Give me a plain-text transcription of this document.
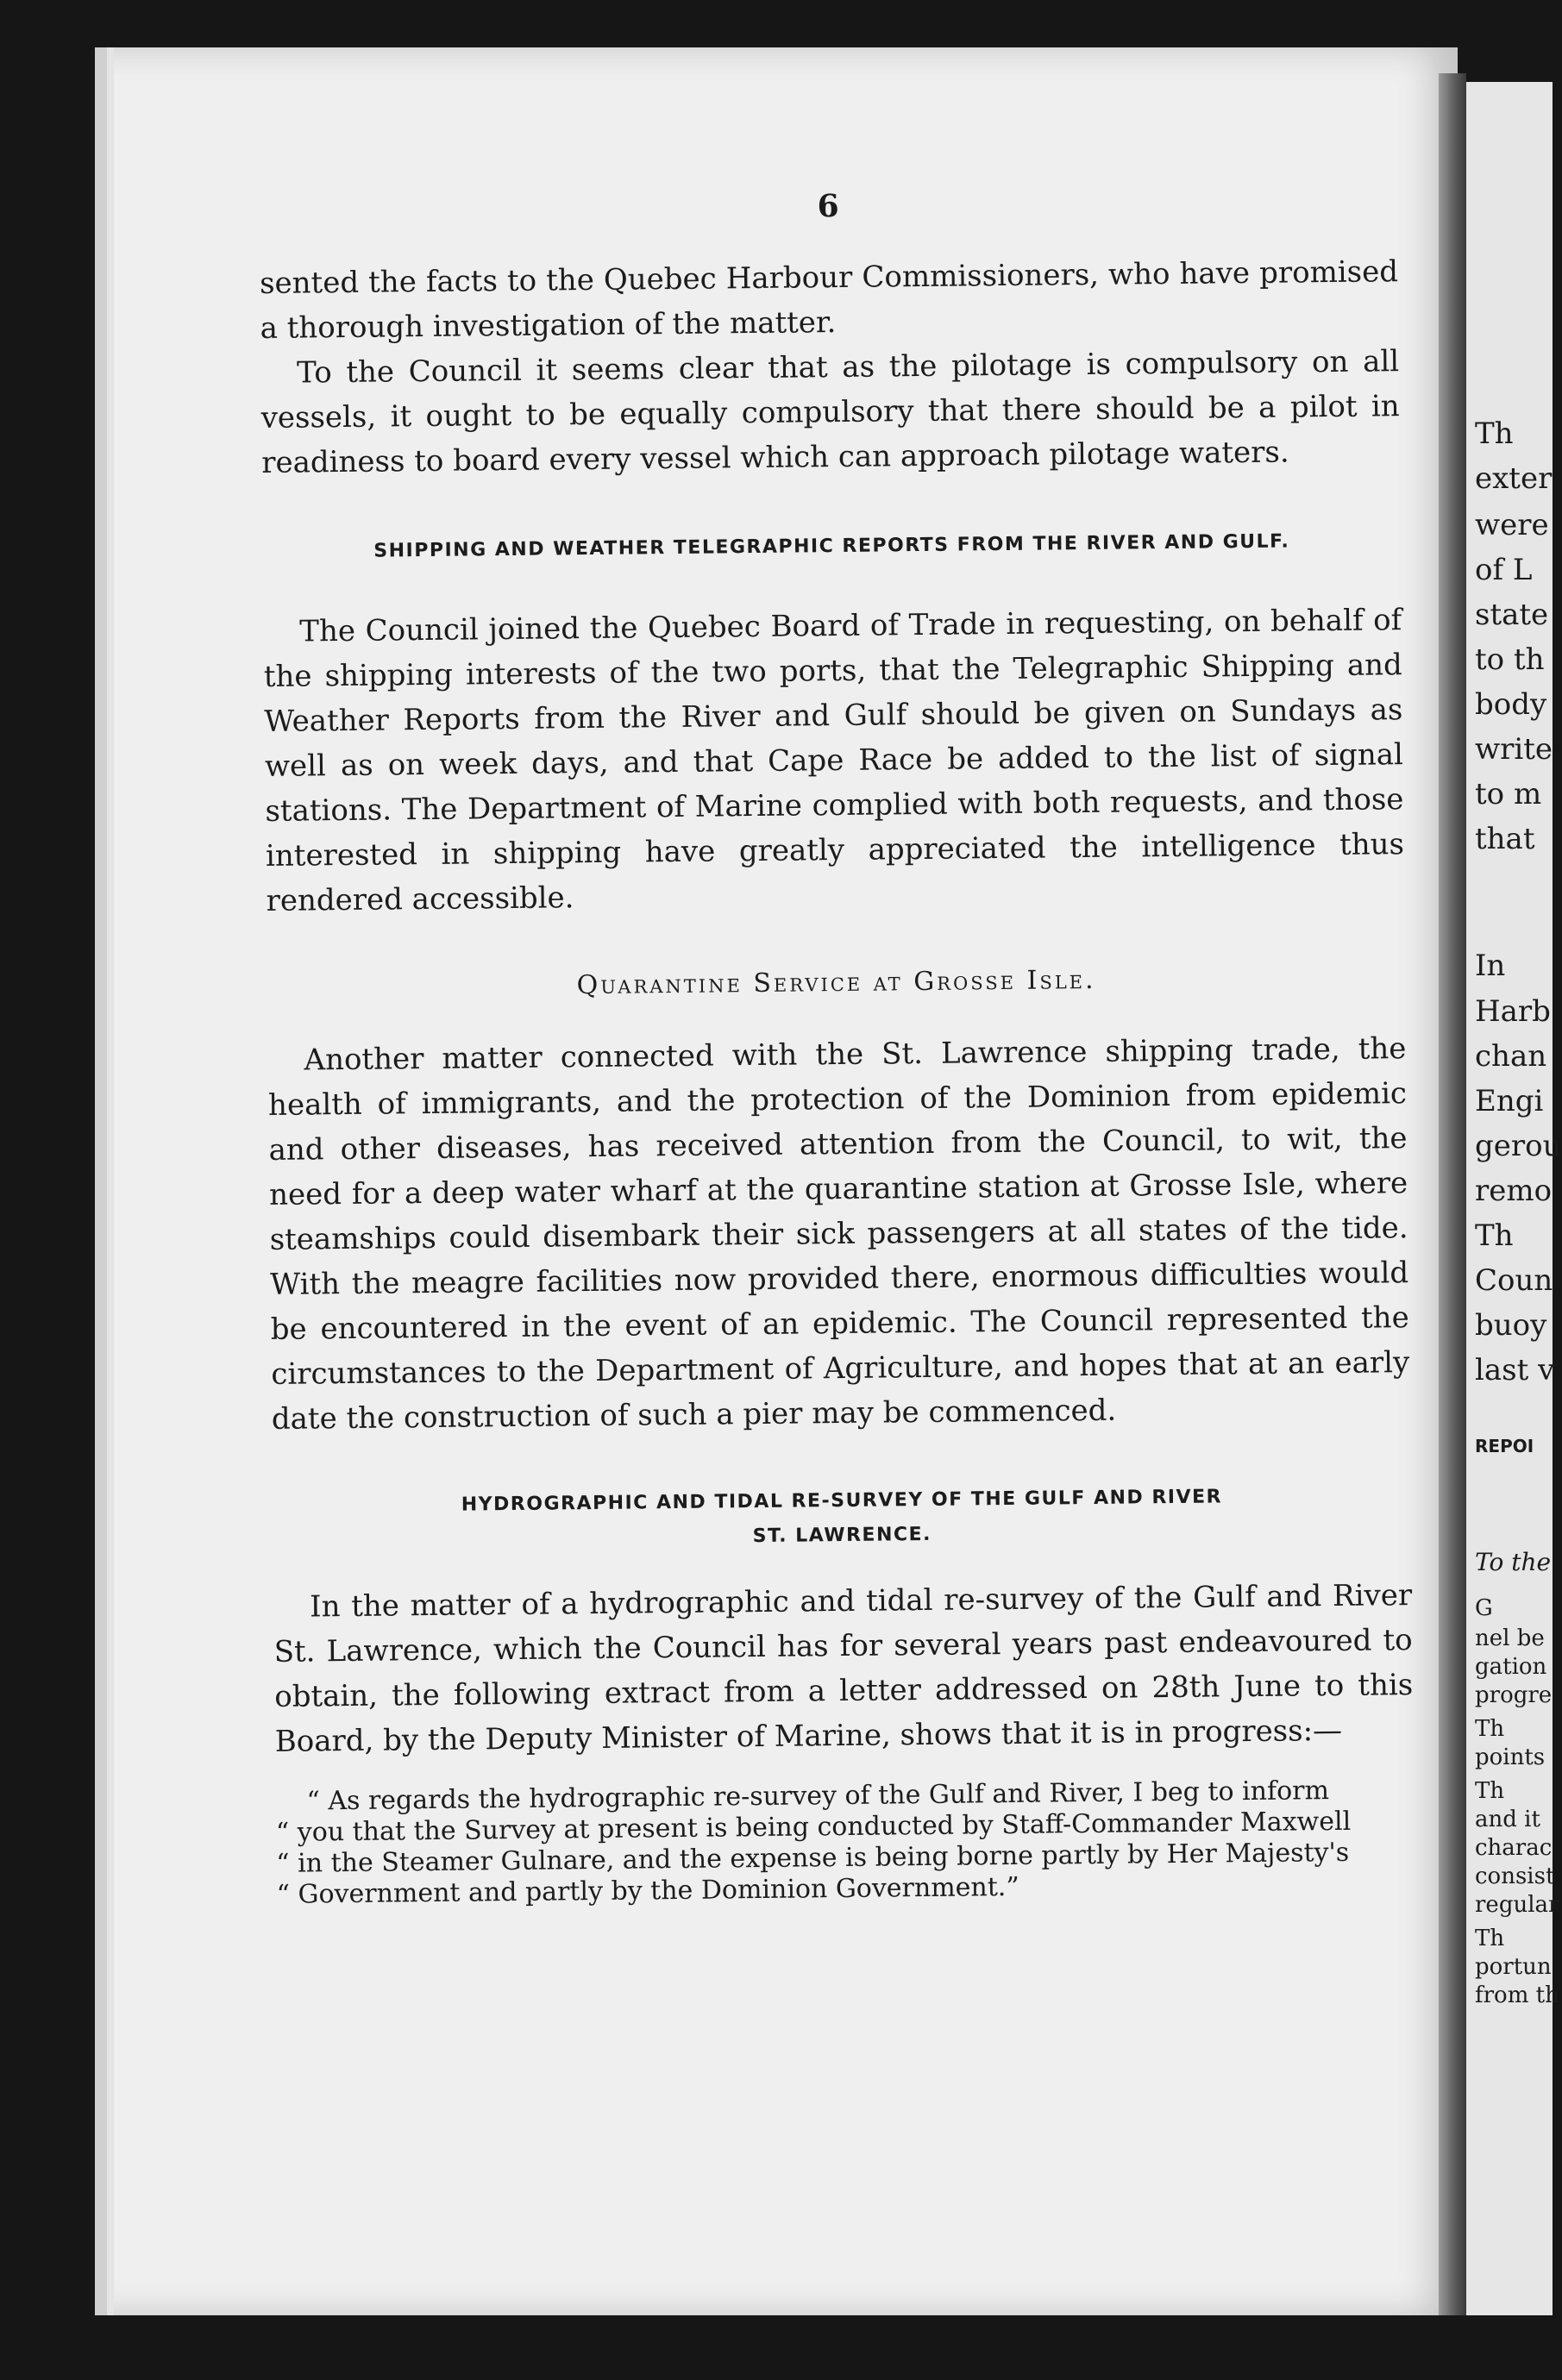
Th
exter
were
of L
state
to th
body
write
to m
that
In
Harb
chan
Engi
gerou
remo
Th
Coun
buoy
last v
REPOI
To the
G
nel be
gation
progre
Th
points
Th
and it
charac
consist
regular
Th
portun
from th
6

sented the facts to the Quebec Harbour Commissioners, who have promised a thorough investigation of the matter.

To the Council it seems clear that as the pilotage is compulsory on all vessels, it ought to be equally compulsory that there should be a pilot in readiness to board every vessel which can approach pilotage waters.

SHIPPING AND WEATHER TELEGRAPHIC REPORTS FROM THE RIVER AND GULF.

The Council joined the Quebec Board of Trade in requesting, on behalf of the shipping interests of the two ports, that the Telegraphic Shipping and Weather Reports from the River and Gulf should be given on Sundays as well as on week days, and that Cape Race be added to the list of signal stations. The Department of Marine complied with both requests, and those interested in shipping have greatly appreciated the intelligence thus rendered accessible.

Quarantine Service at Grosse Isle.

Another matter connected with the St. Lawrence shipping trade, the health of immigrants, and the protection of the Dominion from epidemic and other diseases, has received attention from the Council, to wit, the need for a deep water wharf at the quarantine station at Grosse Isle, where steamships could disembark their sick passengers at all states of the tide. With the meagre facilities now provided there, enormous difficulties would be encountered in the event of an epidemic. The Council represented the circumstances to the Department of Agriculture, and hopes that at an early date the construction of such a pier may be commenced.

HYDROGRAPHIC AND TIDAL RE-SURVEY OF THE GULF AND RIVER
ST. LAWRENCE.

In the matter of a hydrographic and tidal re-survey of the Gulf and River St. Lawrence, which the Council has for several years past endeavoured to obtain, the following extract from a letter addressed on 28th June to this Board, by the Deputy Minister of Marine, shows that it is in progress:—

“ As regards the hydrographic re-survey of the Gulf and River, I beg to inform

“ you that the Survey at present is being conducted by Staff-Commander Maxwell

“ in the Steamer Gulnare, and the expense is being borne partly by Her Majesty's

“ Government and partly by the Dominion Government.”
